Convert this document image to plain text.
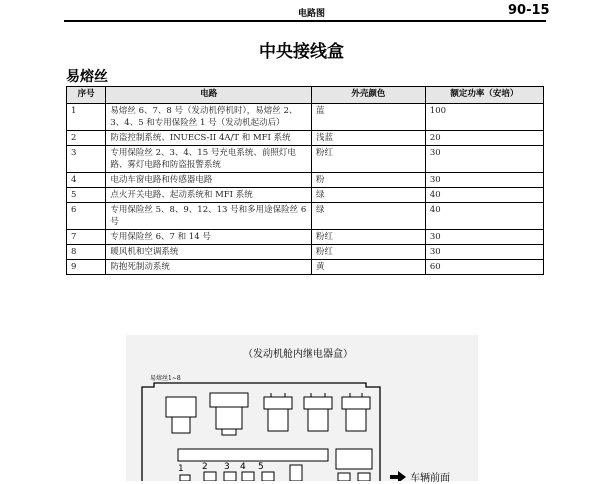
电路图	90-15
中央接线盒
易熔丝
序号	电路	外壳颜色	额定功率（安培）
1	易熔丝 6、7、8 号（发动机停机时），易熔丝 2、3、4、5 和专用保险丝 1 号（发动机起动后）	蓝	100
2	防盗控制系统、INUECS-II 4A/T 和 MFI 系统	浅蓝	20
3	专用保险丝 2、3、4、15 号充电系统、前照灯电路、雾灯电路和防盗报警系统	粉红	30
4	电动车窗电路和传感器电路	粉	30
5	点火开关电路、起动系统和 MFI 系统	绿	40
6	专用保险丝 5、8、9、12、13 号和多用途保险丝 6 号	绿	40
7	专用保险丝 6、7 和 14 号	粉红	30
8	暖风机和空调系统	粉红	30
9	防抱死制动系统	黄	60
1 2 3 4 5
（发动机舱内继电器盒）
易熔丝1~8
车辆前面
